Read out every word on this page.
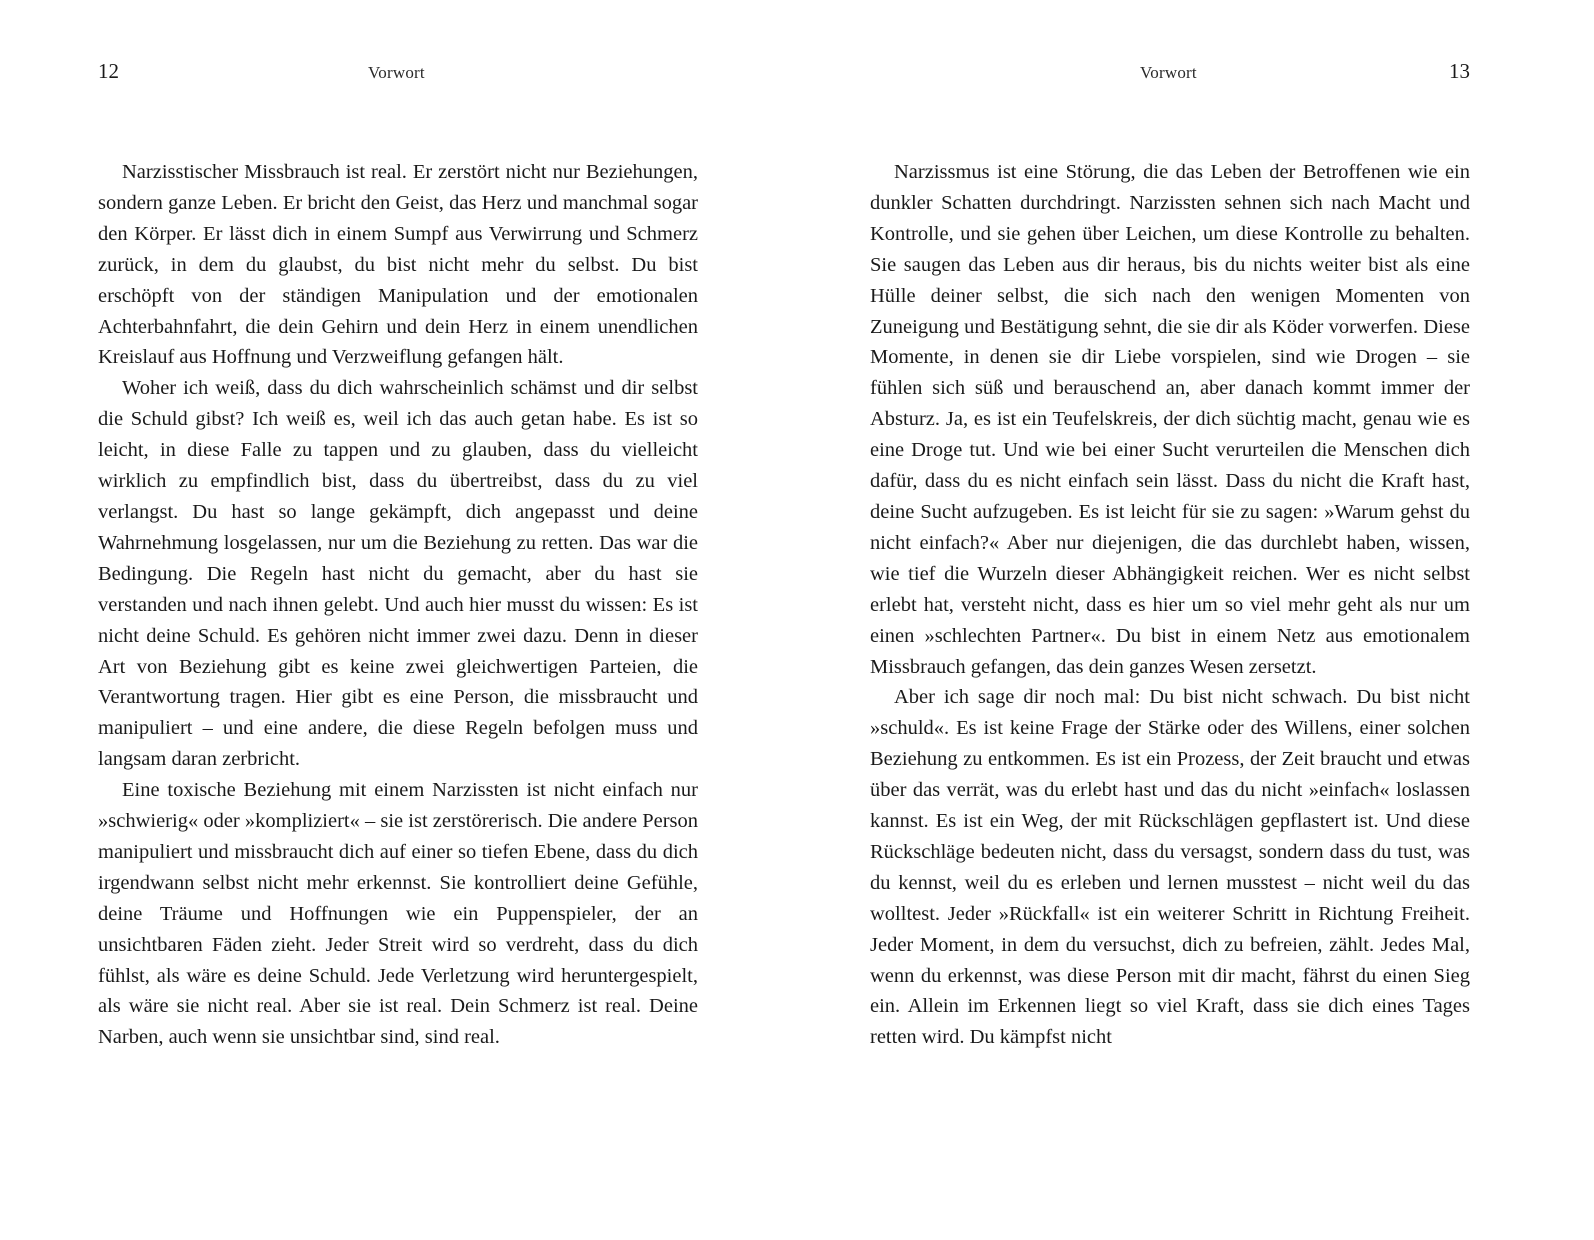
12	Vorwort

Narzisstischer Missbrauch ist real. Er zerstört nicht nur Beziehungen, sondern ganze Leben. Er bricht den Geist, das Herz und manchmal sogar den Körper. Er lässt dich in einem Sumpf aus Verwirrung und Schmerz zurück, in dem du glaubst, du bist nicht mehr du selbst. Du bist erschöpft von der ständigen Manipulation und der emotionalen Achterbahnfahrt, die dein Gehirn und dein Herz in einem unendlichen Kreislauf aus Hoffnung und Verzweiflung gefangen hält.

Woher ich weiß, dass du dich wahrscheinlich schämst und dir selbst die Schuld gibst? Ich weiß es, weil ich das auch getan habe. Es ist so leicht, in diese Falle zu tappen und zu glauben, dass du vielleicht wirklich zu empfindlich bist, dass du übertreibst, dass du zu viel verlangst. Du hast so lange gekämpft, dich angepasst und deine Wahrnehmung losgelassen, nur um die Beziehung zu retten. Das war die Bedingung. Die Regeln hast nicht du gemacht, aber du hast sie verstanden und nach ihnen gelebt. Und auch hier musst du wissen: Es ist nicht deine Schuld. Es gehören nicht immer zwei dazu. Denn in dieser Art von Beziehung gibt es keine zwei gleichwertigen Parteien, die Verantwortung tragen. Hier gibt es eine Person, die missbraucht und manipuliert – und eine andere, die diese Regeln befolgen muss und langsam daran zerbricht.

Eine toxische Beziehung mit einem Narzissten ist nicht einfach nur »schwierig« oder »kompliziert« – sie ist zerstörerisch. Die andere Person manipuliert und missbraucht dich auf einer so tiefen Ebene, dass du dich irgendwann selbst nicht mehr erkennst. Sie kontrolliert deine Gefühle, deine Träume und Hoffnungen wie ein Puppenspieler, der an unsichtbaren Fäden zieht. Jeder Streit wird so verdreht, dass du dich fühlst, als wäre es deine Schuld. Jede Verletzung wird heruntergespielt, als wäre sie nicht real. Aber sie ist real. Dein Schmerz ist real. Deine Narben, auch wenn sie unsichtbar sind, sind real.

Vorwort	13

Narzissmus ist eine Störung, die das Leben der Betroffenen wie ein dunkler Schatten durchdringt. Narzissten sehnen sich nach Macht und Kontrolle, und sie gehen über Leichen, um diese Kontrolle zu behalten. Sie saugen das Leben aus dir heraus, bis du nichts weiter bist als eine Hülle deiner selbst, die sich nach den wenigen Momenten von Zuneigung und Bestätigung sehnt, die sie dir als Köder vorwerfen. Diese Momente, in denen sie dir Liebe vorspielen, sind wie Drogen – sie fühlen sich süß und berauschend an, aber danach kommt immer der Absturz. Ja, es ist ein Teufelskreis, der dich süchtig macht, genau wie es eine Droge tut. Und wie bei einer Sucht verurteilen die Menschen dich dafür, dass du es nicht einfach sein lässt. Dass du nicht die Kraft hast, deine Sucht aufzugeben. Es ist leicht für sie zu sagen: »Warum gehst du nicht einfach?« Aber nur diejenigen, die das durchlebt haben, wissen, wie tief die Wurzeln dieser Abhängigkeit reichen. Wer es nicht selbst erlebt hat, versteht nicht, dass es hier um so viel mehr geht als nur um einen »schlechten Partner«. Du bist in einem Netz aus emotionalem Missbrauch gefangen, das dein ganzes Wesen zersetzt.

Aber ich sage dir noch mal: Du bist nicht schwach. Du bist nicht »schuld«. Es ist keine Frage der Stärke oder des Willens, einer solchen Beziehung zu entkommen. Es ist ein Prozess, der Zeit braucht und etwas über das verrät, was du erlebt hast und das du nicht »einfach« loslassen kannst. Es ist ein Weg, der mit Rückschlägen gepflastert ist. Und diese Rückschläge bedeuten nicht, dass du versagst, sondern dass du tust, was du kennst, weil du es erleben und lernen musstest – nicht weil du das wolltest. Jeder »Rückfall« ist ein weiterer Schritt in Richtung Freiheit. Jeder Moment, in dem du versuchst, dich zu befreien, zählt. Jedes Mal, wenn du erkennst, was diese Person mit dir macht, fährst du einen Sieg ein. Allein im Erkennen liegt so viel Kraft, dass sie dich eines Tages retten wird. Du kämpfst nicht
